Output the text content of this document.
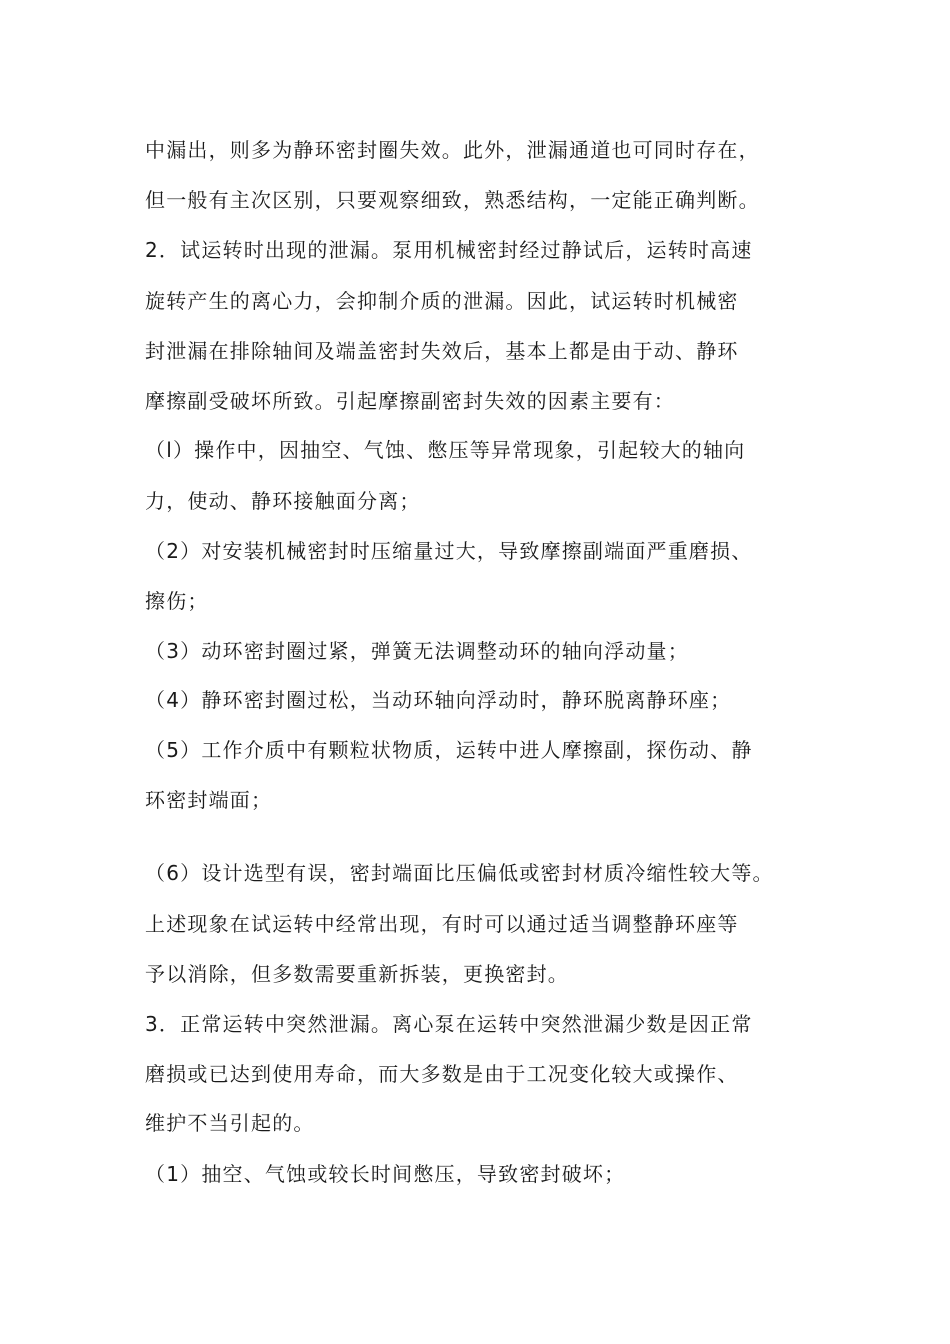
中漏出，则多为静环密封圈失效。此外，泄漏通道也可同时存在，
但一般有主次区别，只要观察细致，熟悉结构，一定能正确判断。
2．试运转时出现的泄漏。泵用机械密封经过静试后，运转时高速
旋转产生的离心力，会抑制介质的泄漏。因此，试运转时机械密
封泄漏在排除轴间及端盖密封失效后，基本上都是由于动、静环
摩擦副受破坏所致。引起摩擦副密封失效的因素主要有：
（l）操作中，因抽空、气蚀、憋压等异常现象，引起较大的轴向
力，使动、静环接触面分离；
（2）对安装机械密封时压缩量过大，导致摩擦副端面严重磨损、
擦伤；
（3）动环密封圈过紧，弹簧无法调整动环的轴向浮动量；
（4）静环密封圈过松，当动环轴向浮动时，静环脱离静环座；
（5）工作介质中有颗粒状物质，运转中进人摩擦副，探伤动、静
环密封端面；
（6）设计选型有误，密封端面比压偏低或密封材质冷缩性较大等。
上述现象在试运转中经常出现，有时可以通过适当调整静环座等
予以消除，但多数需要重新拆装，更换密封。
3．正常运转中突然泄漏。离心泵在运转中突然泄漏少数是因正常
磨损或已达到使用寿命，而大多数是由于工况变化较大或操作、
维护不当引起的。
（1）抽空、气蚀或较长时间憋压，导致密封破坏；
